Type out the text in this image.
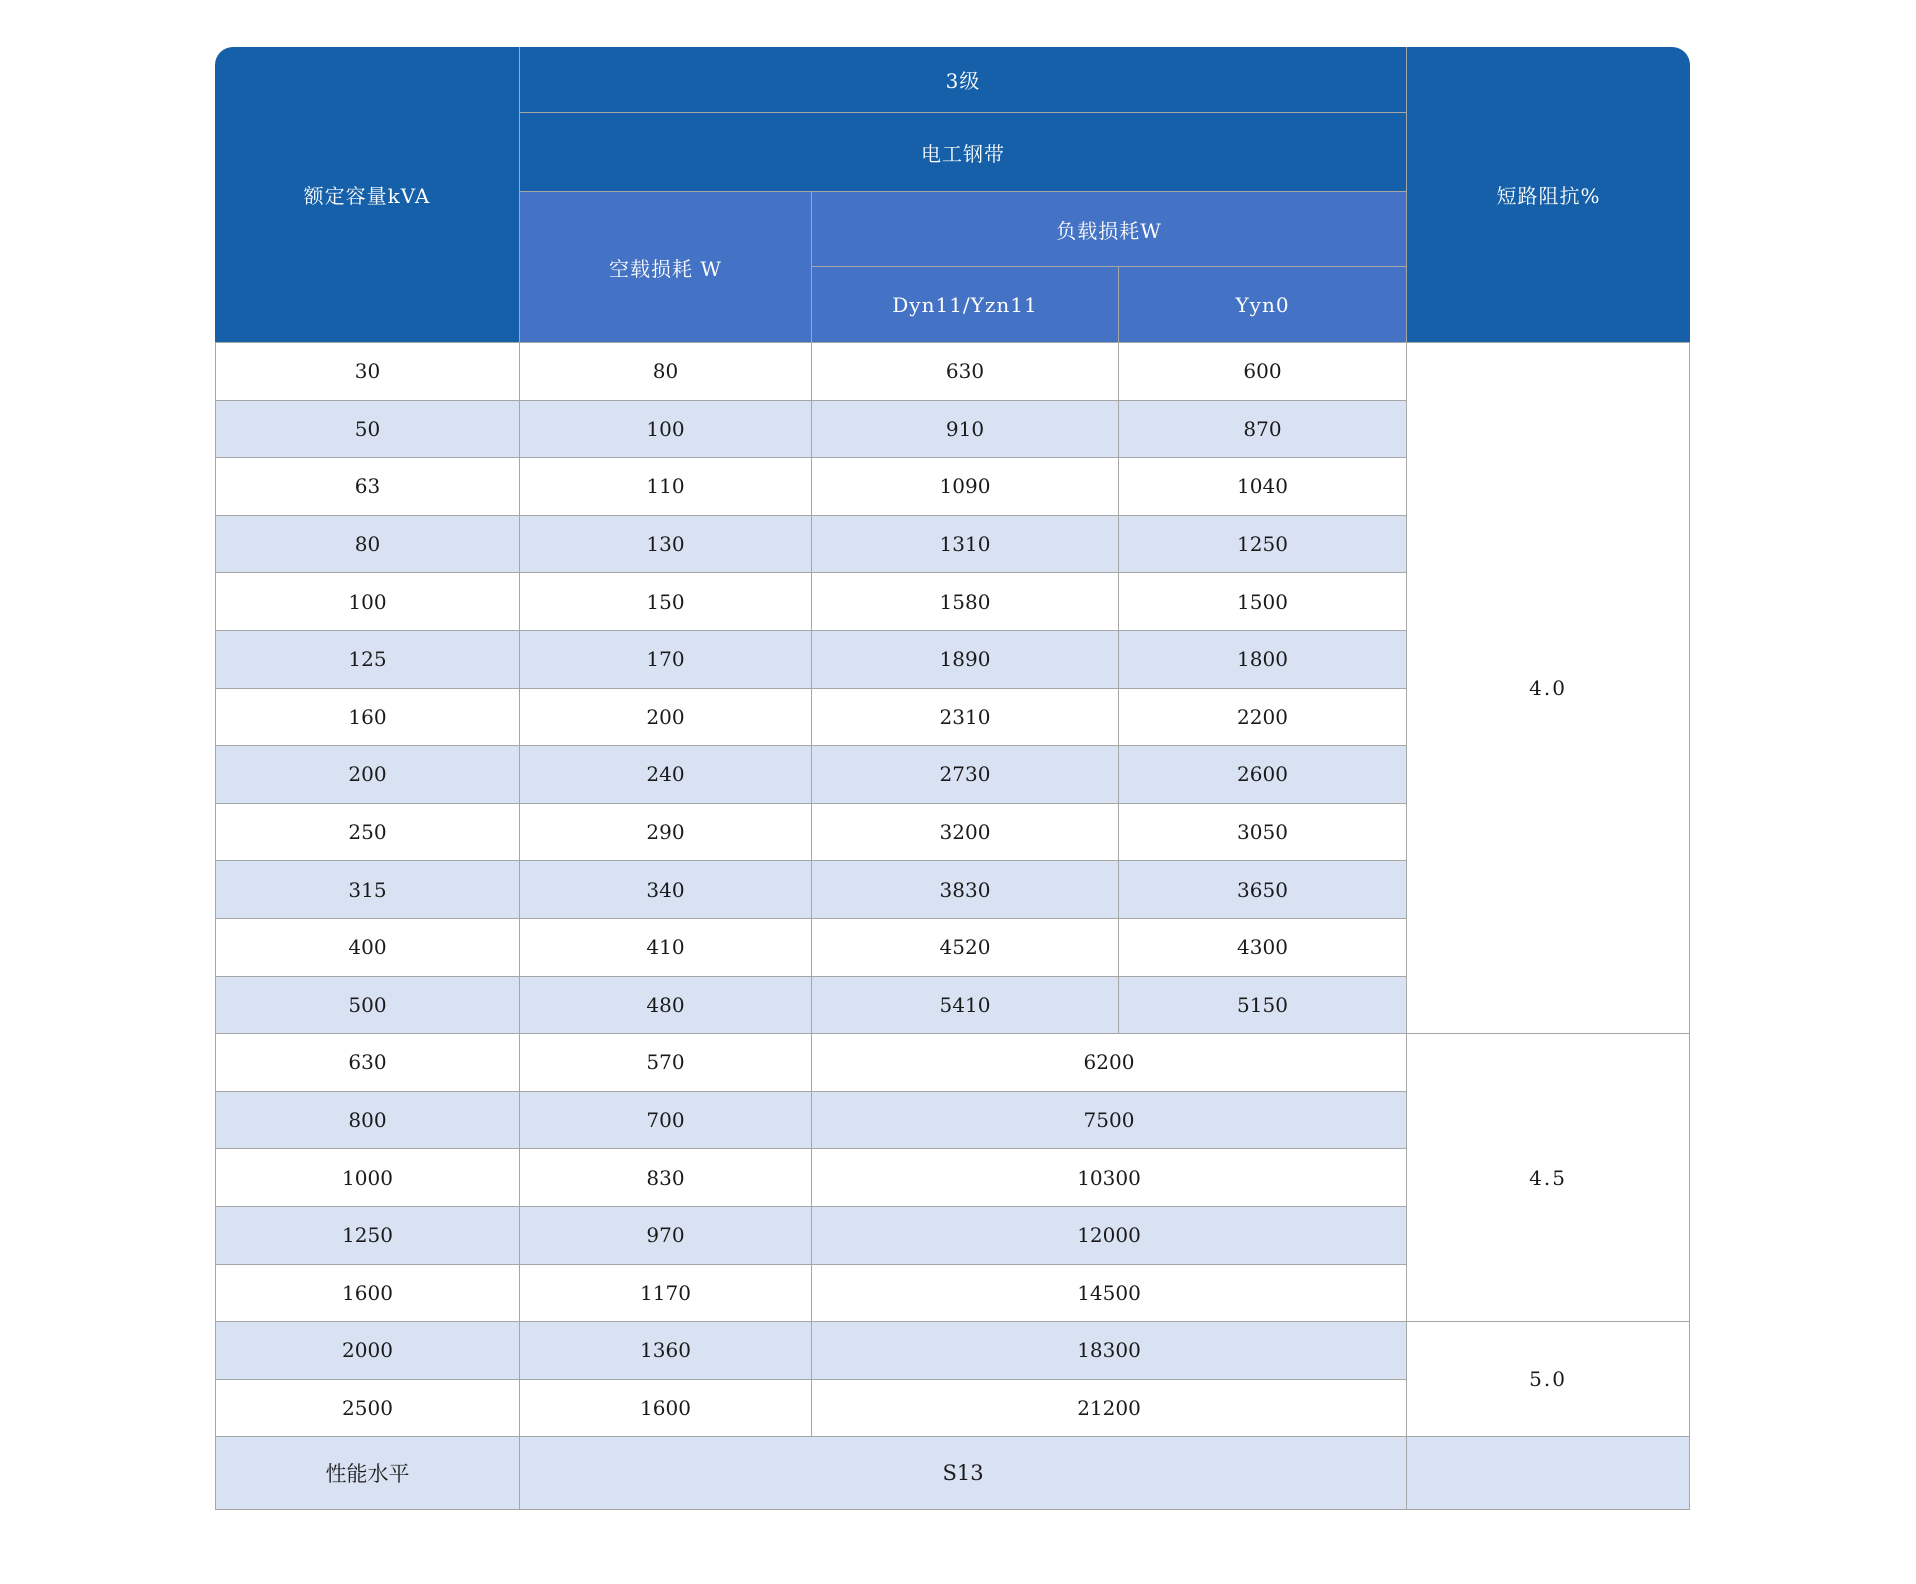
额定容量kVA	3级			短路阻抗%
	电工钢带			
	空载损耗 W	负载损耗W		
		Dyn11/Yzn11	Yyn0	
30	80	630	600	4.0
50	100	910	870	
63	110	1090	1040	
80	130	1310	1250	
100	150	1580	1500	
125	170	1890	1800	
160	200	2310	2200	
200	240	2730	2600	
250	290	3200	3050	
315	340	3830	3650	
400	410	4520	4300	
500	480	5410	5150	
630	570	6200		4.5
800	700	7500		
1000	830	10300		
1250	970	12000		
1600	1170	14500		
2000	1360	18300		5.0
2500	1600	21200		
性能水平	S13			
